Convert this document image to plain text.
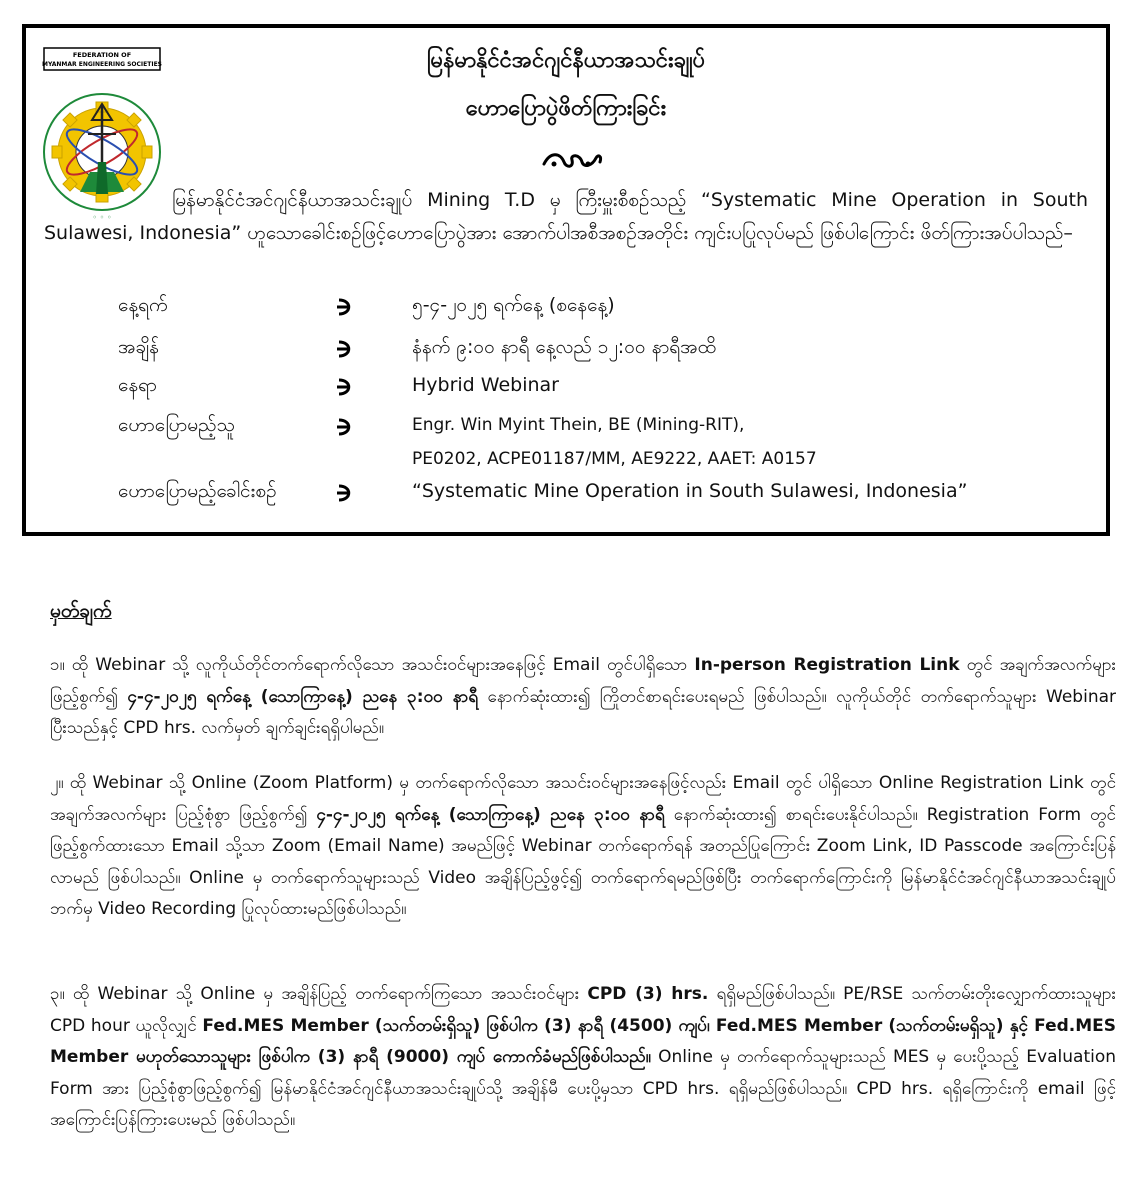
FEDERATION OF
MYANMAR ENGINEERING SOCIETIES
◦ ◦ ◦
မြန်မာနိုင်ငံအင်ဂျင်နီယာအသင်းချုပ်
ဟောပြောပွဲဖိတ်ကြားခြင်း
မြန်မာနိုင်ငံအင်ဂျင်နီယာအသင်းချုပ် Mining T.D မှ ကြီးမှူးစီစဉ်သည့် “Systematic Mine Operation in South Sulawesi, Indonesia” ဟူသောခေါင်းစဉ်ဖြင့်ဟောပြောပွဲအား အောက်ပါအစီအစဉ်အတိုင်း ကျင်းပပြုလုပ်မည် ဖြစ်ပါကြောင်း ဖိတ်ကြားအပ်ပါသည်–
နေ့ရက်	၅-၄-၂၀၂၅ ရက်နေ့ (စနေနေ့)
အချိန်	နံနက် ၉:၀၀ နာရီ နေ့လည် ၁၂:၀၀ နာရီအထိ
နေရာ	Hybrid Webinar
ဟောပြောမည့်သူ	Engr. Win Myint Thein, BE (Mining-RIT),
PE0202, ACPE01187/MM, AE9222, AAET: A0157
ဟောပြောမည့်ခေါင်းစဉ်	“Systematic Mine Operation in South Sulawesi, Indonesia”
မှတ်ချက်
၁။ ထို Webinar သို့ လူကိုယ်တိုင်တက်ရောက်လိုသော အသင်းဝင်များအနေဖြင့် Email တွင်ပါရှိသော In-person Registration Link တွင် အချက်အလက်များ ဖြည့်စွက်၍ ၄-၄-၂၀၂၅ ရက်နေ့ (သောကြာနေ့) ညနေ ၃:၀၀ နာရီ နောက်ဆုံးထား၍ ကြိုတင်စာရင်းပေးရမည် ဖြစ်ပါသည်။ လူကိုယ်တိုင် တက်ရောက်သူများ Webinar ပြီးသည်နှင့် CPD hrs. လက်မှတ် ချက်ချင်းရရှိပါမည်။
၂။ ထို Webinar သို့ Online (Zoom Platform) မှ တက်ရောက်လိုသော အသင်းဝင်များအနေဖြင့်လည်း Email တွင် ပါရှိသော Online Registration Link တွင် အချက်အလက်များ ပြည့်စုံစွာ ဖြည့်စွက်၍ ၄-၄-၂၀၂၅ ရက်နေ့ (သောကြာနေ့) ညနေ ၃:၀၀ နာရီ နောက်ဆုံးထား၍ စာရင်းပေးနိုင်ပါသည်။ Registration Form တွင် ဖြည့်စွက်ထားသော Email သို့သာ Zoom (Email Name) အမည်ဖြင့် Webinar တက်ရောက်ရန် အတည်ပြုကြောင်း Zoom Link, ID Passcode အကြောင်းပြန်လာမည် ဖြစ်ပါသည်။ Online မှ တက်ရောက်သူများသည် Video အချိန်ပြည့်ဖွင့်၍ တက်ရောက်ရမည်ဖြစ်ပြီး တက်ရောက်ကြောင်းကို မြန်မာနိုင်ငံအင်ဂျင်နီယာအသင်းချုပ်ဘက်မှ Video Recording ပြုလုပ်ထားမည်ဖြစ်ပါသည်။
၃။ ထို Webinar သို့ Online မှ အချိန်ပြည့် တက်ရောက်ကြသော အသင်းဝင်များ CPD (3) hrs. ရရှိမည်ဖြစ်ပါသည်။ PE/RSE သက်တမ်းတိုးလျှောက်ထားသူများ CPD hour ယူလိုလျှင် Fed.MES Member (သက်တမ်းရှိသူ) ဖြစ်ပါက (3) နာရီ (4500) ကျပ်၊ Fed.MES Member (သက်တမ်းမရှိသူ) နှင့် Fed.MES Member မဟုတ်သောသူများ ဖြစ်ပါက (3) နာရီ (9000) ကျပ် ကောက်ခံမည်ဖြစ်ပါသည်။ Online မှ တက်ရောက်သူများသည် MES မှ ပေးပို့သည့် Evaluation Form အား ပြည့်စုံစွာဖြည့်စွက်၍ မြန်မာနိုင်ငံအင်ဂျင်နီယာအသင်းချုပ်သို့ အချိန်မီ ပေးပို့မှသာ CPD hrs. ရရှိမည်ဖြစ်ပါသည်။ CPD hrs. ရရှိကြောင်းကို email ဖြင့် အကြောင်းပြန်ကြားပေးမည် ဖြစ်ပါသည်။
